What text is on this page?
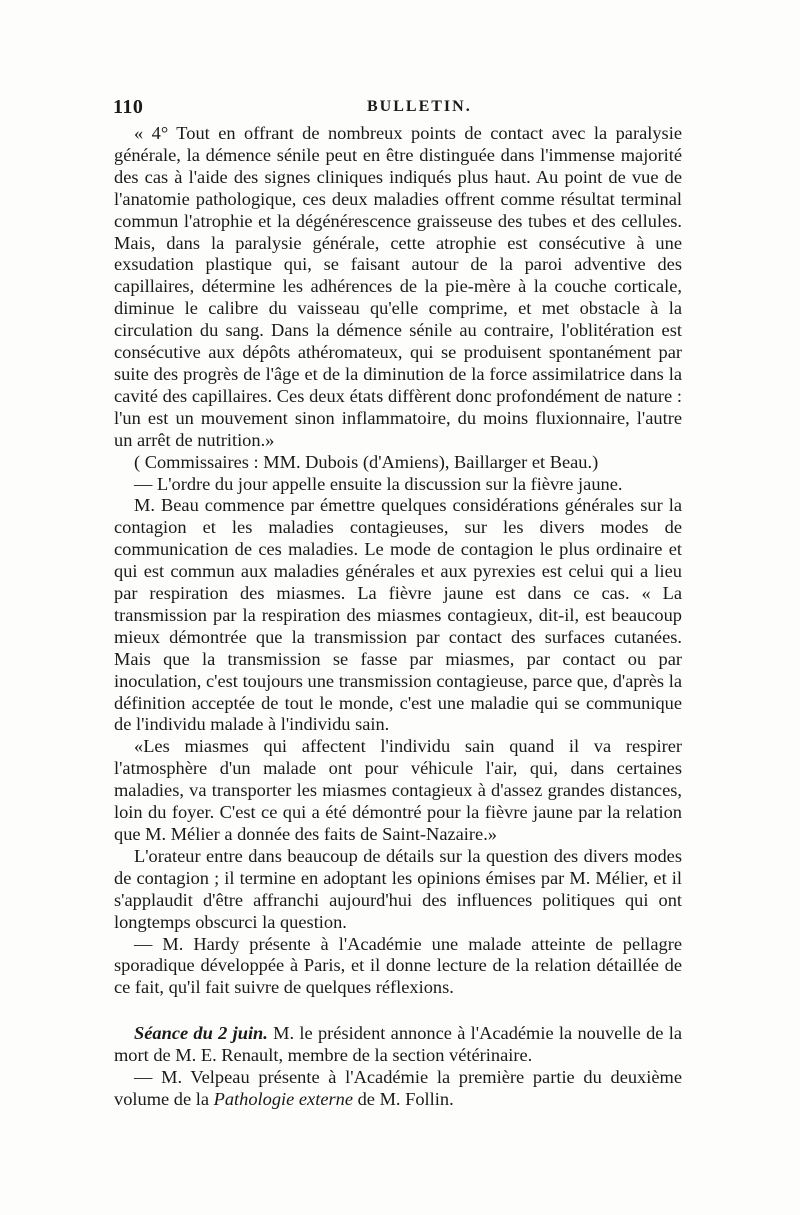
110	BULLETIN.

« 4° Tout en offrant de nombreux points de contact avec la paralysie générale, la démence sénile peut en être distinguée dans l'immense majorité des cas à l'aide des signes cliniques indiqués plus haut. Au point de vue de l'anatomie pathologique, ces deux maladies offrent comme résultat terminal commun l'atrophie et la dégénérescence graisseuse des tubes et des cellules. Mais, dans la paralysie générale, cette atrophie est consécutive à une exsudation plastique qui, se faisant autour de la paroi adventive des capillaires, détermine les adhérences de la pie-mère à la couche corticale, diminue le calibre du vaisseau qu'elle comprime, et met obstacle à la circulation du sang. Dans la démence sénile au contraire, l'oblitération est consécutive aux dépôts athéromateux, qui se produisent spontanément par suite des progrès de l'âge et de la diminution de la force assimilatrice dans la cavité des capillaires. Ces deux états diffèrent donc profondément de nature : l'un est un mouvement sinon inflammatoire, du moins fluxionnaire, l'autre un arrêt de nutrition.»

( Commissaires : MM. Dubois (d'Amiens), Baillarger et Beau.)

— L'ordre du jour appelle ensuite la discussion sur la fièvre jaune.

M. Beau commence par émettre quelques considérations générales sur la contagion et les maladies contagieuses, sur les divers modes de communication de ces maladies. Le mode de contagion le plus ordinaire et qui est commun aux maladies générales et aux pyrexies est celui qui a lieu par respiration des miasmes. La fièvre jaune est dans ce cas. « La transmission par la respiration des miasmes contagieux, dit-il, est beaucoup mieux démontrée que la transmission par contact des surfaces cutanées. Mais que la transmission se fasse par miasmes, par contact ou par inoculation, c'est toujours une transmission contagieuse, parce que, d'après la définition acceptée de tout le monde, c'est une maladie qui se communique de l'individu malade à l'individu sain.

«Les miasmes qui affectent l'individu sain quand il va respirer l'atmosphère d'un malade ont pour véhicule l'air, qui, dans certaines maladies, va transporter les miasmes contagieux à d'assez grandes distances, loin du foyer. C'est ce qui a été démontré pour la fièvre jaune par la relation que M. Mélier a donnée des faits de Saint-Nazaire.»

L'orateur entre dans beaucoup de détails sur la question des divers modes de contagion ; il termine en adoptant les opinions émises par M. Mélier, et il s'applaudit d'être affranchi aujourd'hui des influences politiques qui ont longtemps obscurci la question.

— M. Hardy présente à l'Académie une malade atteinte de pellagre sporadique développée à Paris, et il donne lecture de la relation détaillée de ce fait, qu'il fait suivre de quelques réflexions.

Séance du 2 juin. M. le président annonce à l'Académie la nouvelle de la mort de M. E. Renault, membre de la section vétérinaire.

— M. Velpeau présente à l'Académie la première partie du deuxième volume de la Pathologie externe de M. Follin.
